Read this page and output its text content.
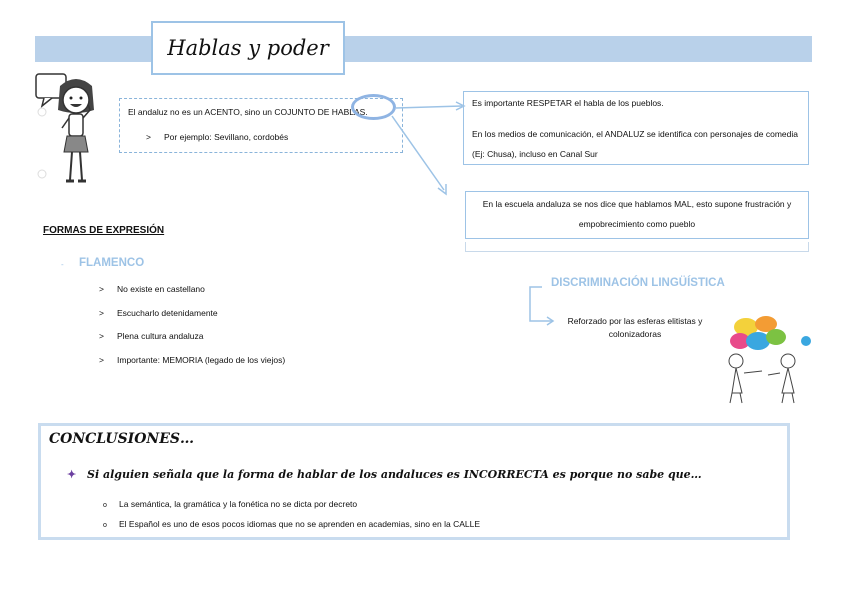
Hablas y poder
El andaluz no es un ACENTO, sino un COJUNTO DE HABLAS.
> Por ejemplo: Sevillano, cordobés

Es importante RESPETAR el habla de los pueblos.

En los medios de comunicación, el ANDALUZ se identifica con personajes de comedia (Ej: Chusa), incluso en Canal Sur

En la escuela andaluza se nos dice que hablamos MAL, esto supone frustración y empobrecimiento como pueblo
FORMAS DE EXPRESIÓN
- FLAMENCO
> No existe en castellano
> Escucharlo detenidamente
> Plena cultura andaluza
> Importante: MEMORIA (legado de los viejos)
DISCRIMINACIÓN LINGÜÍSTICA
Reforzado por las esferas elitistas y colonizadoras
CONCLUSIONES…
✦ Si alguien señala que la forma de hablar de los andaluces es INCORRECTA es porque no sabe que…
o La semántica, la gramática y la fonética no se dicta por decreto
o El Español es uno de esos pocos idiomas que no se aprenden en academias, sino en la CALLE
